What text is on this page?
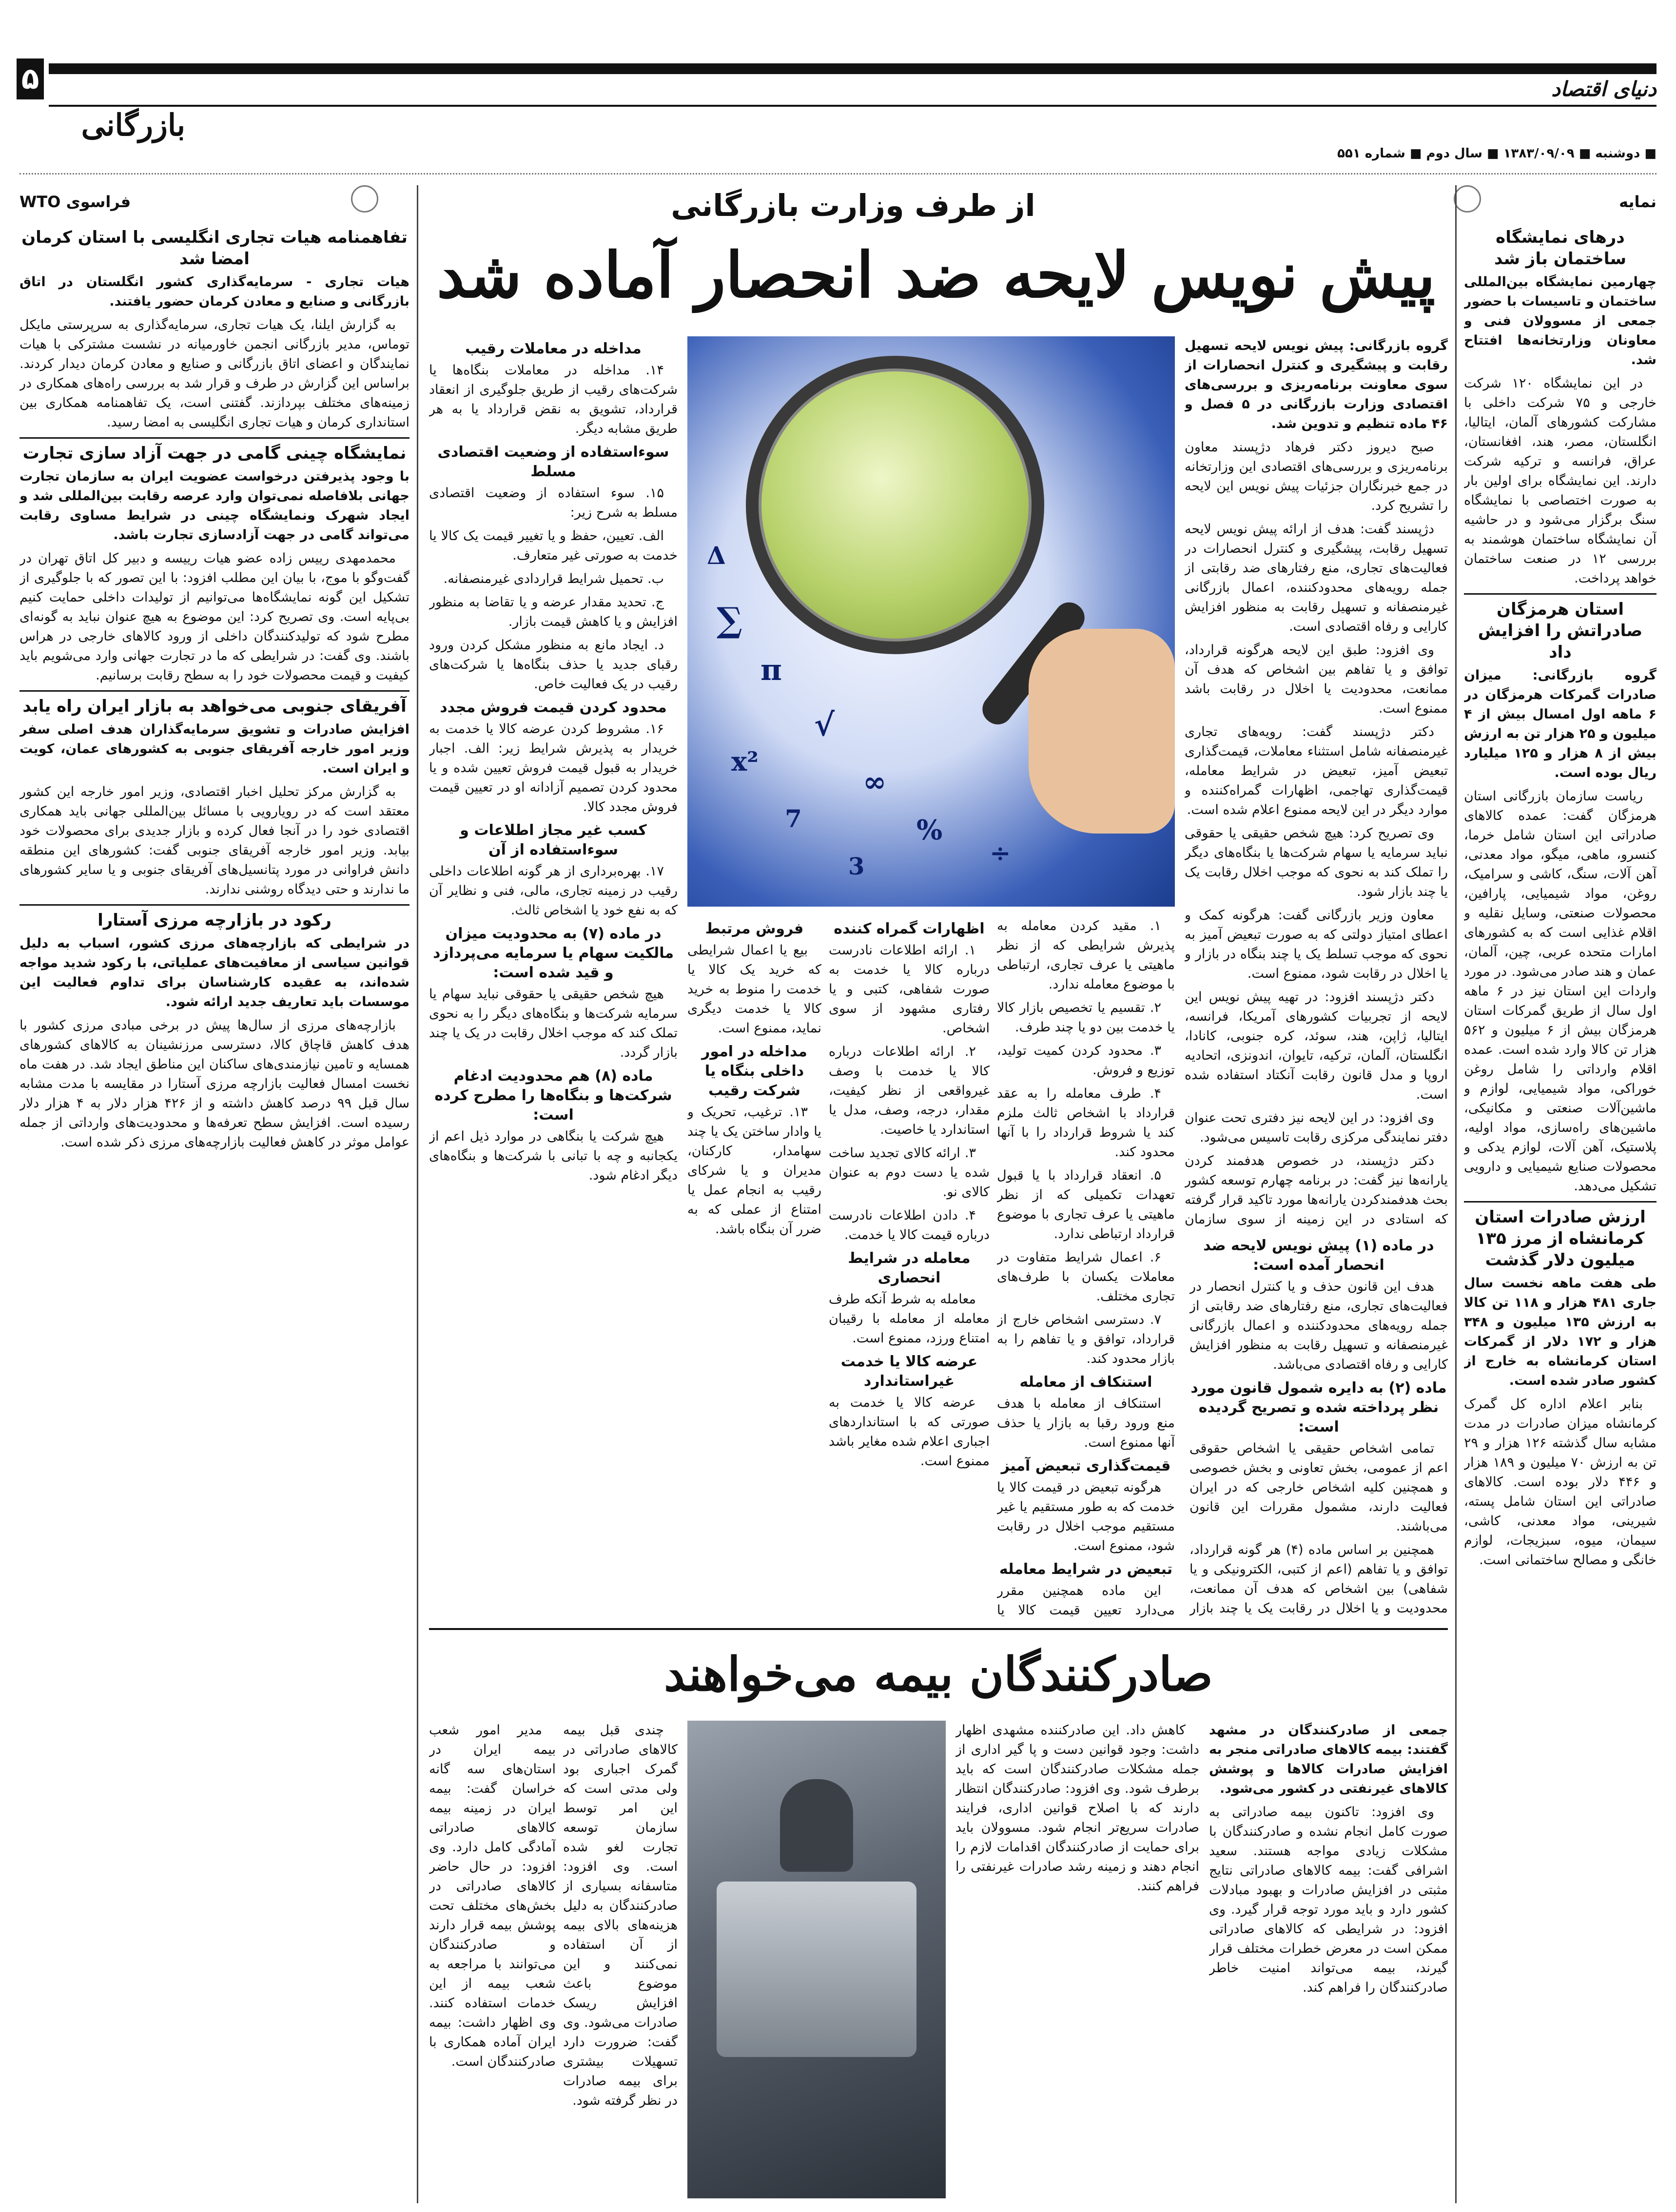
۵
بازرگانی
دنیای اقتصاد
■ دوشنبه ■ ۱۳۸۳/۰۹/۰۹ ■ سال دوم ■ شماره ۵۵۱
نمایه
فراسوی WTO	از طرف وزارت بازرگانی
پیش نویس لایحه ضد انحصار آماده شد
درهای نمایشگاه ساختمان باز شد

چهارمین نمایشگاه بین‌المللی ساختمان و تاسیسات با حضور جمعی از مسوولان فنی و معاونان وزارتخانه‌ها افتتاح شد.

در این نمایشگاه ۱۲۰ شرکت خارجی و ۷۵ شرکت داخلی با مشارکت کشورهای آلمان، ایتالیا، انگلستان، مصر، هند، افغانستان، عراق، فرانسه و ترکیه شرکت دارند. این نمایشگاه برای اولین بار به صورت اختصاصی با نمایشگاه سنگ برگزار می‌شود و در حاشیه آن نمایشگاه ساختمان هوشمند به بررسی ۱۲ در صنعت ساختمان خواهد پرداخت.

استان هرمزگان صادراتش را افزایش داد

گروه بازرگانی: میزان صادرات گمرکات هرمزگان در ۶ ماهه اول امسال بیش از ۴ میلیون و ۲۵ هزار تن به ارزش بیش از ۸ هزار و ۱۲۵ میلیارد ریال بوده است.

ریاست سازمان بازرگانی استان هرمزگان گفت: عمده کالاهای صادراتی این استان شامل خرما، کنسرو، ماهی، میگو، مواد معدنی، آهن آلات، سنگ، کاشی و سرامیک، روغن، مواد شیمیایی، پارافین، محصولات صنعتی، وسایل نقلیه و اقلام غذایی است که به کشورهای امارات متحده عربی، چین، آلمان، عمان و هند صادر می‌شود. در مورد واردات این استان نیز در ۶ ماهه اول سال از طریق گمرکات استان هرمزگان بیش از ۶ میلیون و ۵۶۲ هزار تن کالا وارد شده است. عمده اقلام وارداتی را شامل روغن خوراکی، مواد شیمیایی، لوازم و ماشین‌آلات صنعتی و مکانیکی، ماشین‌های راه‌سازی، مواد اولیه، پلاستیک، آهن آلات، لوازم یدکی و محصولات صنایع شیمیایی و دارویی تشکیل می‌دهد.

ارزش صادرات استان کرمانشاه از مرز ۱۳۵ میلیون دلار گذشت

طی هفت ماهه نخست سال جاری ۴۸۱ هزار و ۱۱۸ تن کالا به ارزش ۱۳۵ میلیون و ۳۴۸ هزار و ۱۷۲ دلار از گمرکات استان کرمانشاه به خارج از کشور صادر شده است.

بنابر اعلام اداره کل گمرک کرمانشاه میزان صادرات در مدت مشابه سال گذشته ۱۲۶ هزار و ۲۹ تن به ارزش ۷۰ میلیون و ۱۸۹ هزار و ۴۴۶ دلار بوده است. کالاهای صادراتی این استان شامل پسته، شیرینی، مواد معدنی، کاشی، سیمان، میوه، سبزیجات، لوازم خانگی و مصالح ساختمانی است.

تفاهمنامه هیات تجاری انگلیسی با استان کرمان امضا شد

هیات تجاری - سرمایه‌گذاری کشور انگلستان در اتاق بازرگانی و صنایع و معادن کرمان حضور یافتند.

به گزارش ایلنا، یک هیات تجاری، سرمایه‌گذاری به سرپرستی مایکل توماس، مدیر بازرگانی انجمن خاورمیانه در نشست مشترکی با هیات نمایندگان و اعضای اتاق بازرگانی و صنایع و معادن کرمان دیدار کردند. براساس این گزارش در طرف و قرار شد به بررسی راه‌های همکاری در زمینه‌های مختلف بپردازند. گفتنی است، یک تفاهمنامه همکاری بین استانداری کرمان و هیات تجاری انگلیسی به امضا رسید.

نمایشگاه چینی گامی در جهت آزاد سازی تجارت

با وجود پذیرفتن درخواست عضویت ایران به سازمان تجارت جهانی بلافاصله نمی‌توان وارد عرصه رقابت بین‌المللی شد و ایجاد شهرک ونمایشگاه چینی در شرایط مساوی رقابت می‌تواند گامی در جهت آزادسازی تجارت باشد.

محمدمهدی رییس زاده عضو هیات رییسه و دبیر کل اتاق تهران در گفت‌وگو با موج، با بیان این مطلب افزود: با این تصور که با جلوگیری از تشکیل این گونه نمایشگاه‌ها می‌توانیم از تولیدات داخلی حمایت کنیم بی‌پایه است. وی تصریح کرد: این موضوع به هیچ عنوان نباید به گونه‌ای مطرح شود که تولیدکنندگان داخلی از ورود کالاهای خارجی در هراس باشند. وی گفت: در شرایطی که ما در تجارت جهانی وارد می‌شویم باید کیفیت و قیمت محصولات خود را به سطح رقابت برسانیم.

آفریقای جنوبی می‌خواهد به بازار ایران راه یابد

افزایش صادرات و تشویق سرمایه‌گذاران هدف اصلی سفر وزیر امور خارجه آفریقای جنوبی به کشورهای عمان، کویت و ایران است.

به گزارش مرکز تحلیل اخبار اقتصادی، وزیر امور خارجه این کشور معتقد است که در رویارویی با مسائل بین‌المللی جهانی باید همکاری اقتصادی خود را در آنجا فعال کرده و بازار جدیدی برای محصولات خود بیابد. وزیر امور خارجه آفریقای جنوبی گفت: کشورهای این منطقه دانش فراوانی در مورد پتانسیل‌های آفریقای جنوبی و یا سایر کشورهای ما ندارند و حتی دیدگاه روشنی ندارند.

رکود در بازارچه مرزی آستارا

در شرایطی که بازارچه‌های مرزی کشور، اسباب به دلیل قوانین سیاسی از معافیت‌های عملیاتی، با رکود شدید مواجه شده‌اند، به عقیده کارشناسان برای تداوم فعالیت این موسسات باید تعاریف جدید ارائه شود.

بازارچه‌های مرزی از سال‌ها پیش در برخی مبادی مرزی کشور با هدف کاهش قاچاق کالا، دسترسی مرزنشینان به کالاهای کشورهای همسایه و تامین نیازمندی‌های ساکنان این مناطق ایجاد شد. در هفت ماه نخست امسال فعالیت بازارچه مرزی آستارا در مقایسه با مدت مشابه سال قبل ۹۹ درصد کاهش داشته و از ۴۲۶ هزار دلار به ۴ هزار دلار رسیده است. افزایش سطح تعرفه‌ها و محدودیت‌های وارداتی از جمله عوامل موثر در کاهش فعالیت بازارچه‌های مرزی ذکر شده است.

∑
π
√
x²
∞
7	%
Δ
÷
3

گروه بازرگانی: پیش نویس لایحه تسهیل رقابت و پیشگیری و کنترل انحصارات از سوی معاونت برنامه‌ریزی و بررسی‌های اقتصادی وزارت بازرگانی در ۵ فصل و ۴۶ ماده تنظیم و تدوین شد.

صبح دیروز دکتر فرهاد دژپسند معاون برنامه‌ریزی و بررسی‌های اقتصادی این وزارتخانه در جمع خبرنگاران جزئیات پیش نویس این لایحه را تشریح کرد.

دژپسند گفت: هدف از ارائه پیش نویس لایحه تسهیل رقابت، پیشگیری و کنترل انحصارات در فعالیت‌های تجاری، منع رفتارهای ضد رقابتی از جمله رویه‌های محدودکننده، اعمال بازرگانی غیرمنصفانه و تسهیل رقابت به منظور افزایش کارایی و رفاه اقتصادی است.

وی افزود: طبق این لایحه هرگونه قرارداد، توافق و یا تفاهم بین اشخاص که هدف آن ممانعت، محدودیت یا اخلال در رقابت باشد ممنوع است.

دکتر دژپسند گفت: رویه‌های تجاری غیرمنصفانه شامل استثناء معاملات، قیمت‌گذاری تبعیض آمیز، تبعیض در شرایط معامله، قیمت‌گذاری تهاجمی، اظهارات گمراه‌کننده و موارد دیگر در این لایحه ممنوع اعلام شده است.

وی تصریح کرد: هیچ شخص حقیقی یا حقوقی نباید سرمایه یا سهام شرکت‌ها یا بنگاه‌های دیگر را تملک کند به نحوی که موجب اخلال رقابت یک یا چند بازار شود.

معاون وزیر بازرگانی گفت: هرگونه کمک و اعطای امتیاز دولتی که به صورت تبعیض آمیز به نحوی که موجب تسلط یک یا چند بنگاه در بازار و یا اخلال در رقابت شود، ممنوع است.

دکتر دژپسند افزود: در تهیه پیش نویس این لایحه از تجربیات کشورهای آمریکا، فرانسه، ایتالیا، ژاپن، هند، سوئد، کره جنوبی، کانادا، انگلستان، آلمان، ترکیه، تایوان، اندونزی، اتحادیه اروپا و مدل قانون رقابت آنکتاد استفاده شده است.

وی افزود: در این لایحه نیز دفتری تحت عنوان دفتر نمایندگی مرکزی رقابت تاسیس می‌شود.

دکتر دژپسند، در خصوص هدفمند کردن یارانه‌ها نیز گفت: در برنامه چهارم توسعه کشور بحث هدفمندکردن یارانه‌ها مورد تاکید قرار گرفته که استادی در این زمینه از سوی سازمان

مداخله در معاملات رقیب

۱۴. مداخله در معاملات بنگاه‌ها یا شرکت‌های رقیب از طریق جلوگیری از انعقاد قرارداد، تشویق به نقض قرارداد یا به هر طریق مشابه دیگر.

سوءاستفاده از وضعیت اقتصادی مسلط

۱۵. سوء استفاده از وضعیت اقتصادی مسلط به شرح زیر:

الف. تعیین، حفظ و یا تغییر قیمت یک کالا یا خدمت به صورتی غیر متعارف.

ب. تحمیل شرایط قراردادی غیرمنصفانه.

ج. تحدید مقدار عرضه و یا تقاضا به منظور افزایش و یا کاهش قیمت بازار.

د. ایجاد مانع به منظور مشکل کردن ورود رقبای جدید یا حذف بنگاه‌ها یا شرکت‌های رقیب در یک فعالیت خاص.

محدود کردن قیمت فروش مجدد

۱۶. مشروط کردن عرضه کالا یا خدمت به خریدار به پذیرش شرایط زیر: الف. اجبار خریدار به قبول قیمت فروش تعیین شده و یا محدود کردن تصمیم آزادانه او در تعیین قیمت فروش مجدد کالا.

کسب غیر مجاز اطلاعات و سوءاستفاده از آن

۱۷. بهره‌برداری از هر گونه اطلاعات داخلی رقیب در زمینه تجاری، مالی، فنی و نظایر آن که به نفع خود یا اشخاص ثالث.

در ماده (۷) به محدودیت میزان مالکیت سهام یا سرمایه می‌پردازد و قید شده است:

هیچ شخص حقیقی یا حقوقی نباید سهام یا سرمایه شرکت‌ها و بنگاه‌های دیگر را به نحوی تملک کند که موجب اخلال رقابت در یک یا چند بازار گردد.

ماده (۸) هم محدودیت ادغام شرکت‌ها و بنگاه‌ها را مطرح کرده است:

هیچ شرکت یا بنگاهی در موارد ذیل اعم از یکجانبه و چه با تبانی با شرکت‌ها و بنگاه‌های دیگر ادغام شود.

در ماده (۱) پیش نویس لایحه ضد انحصار آمده است:

هدف این قانون حذف و یا کنترل انحصار در فعالیت‌های تجاری، منع رفتارهای ضد رقابتی از جمله رویه‌های محدودکننده و اعمال بازرگانی غیرمنصفانه و تسهیل رقابت به منظور افزایش کارایی و رفاه اقتصادی می‌باشد.

ماده (۲) به دایره شمول قانون مورد نظر پرداخته شده و تصریح گردیده است:

تمامی اشخاص حقیقی یا اشخاص حقوقی اعم از عمومی، بخش تعاونی و بخش خصوصی و همچنین کلیه اشخاص خارجی که در ایران فعالیت دارند، مشمول مقررات این قانون می‌باشند.

همچنین بر اساس ماده (۴) هر گونه قرارداد، توافق و یا تفاهم (اعم از کتبی، الکترونیکی و یا شفاهی) بین اشخاص که هدف آن ممانعت، محدودیت و یا اخلال در رقابت یک یا چند بازار

۱. مقید کردن معامله به پذیرش شرایطی که از نظر ماهیتی یا عرف تجاری، ارتباطی با موضوع معامله ندارد.

۲. تقسیم یا تخصیص بازار کالا یا خدمت بین دو یا چند طرف.

۳. محدود کردن کمیت تولید، توزیع و فروش.

۴. طرف معامله را به عقد قرارداد با اشخاص ثالث ملزم کند یا شروط قرارداد را با آنها محدود کند.

۵. انعقاد قرارداد با یا قبول تعهدات تکمیلی که از نظر ماهیتی یا عرف تجاری با موضوع قرارداد ارتباطی ندارد.

۶. اعمال شرایط متفاوت در معاملات یکسان با طرف‌های تجاری مختلف.

۷. دسترسی اشخاص خارج از قرارداد، توافق و یا تفاهم را به بازار محدود کند.

استنکاف از معامله

استنکاف از معامله با هدف منع ورود رقبا به بازار یا حذف آنها ممنوع است.

قیمت‌گذاری تبعیض آمیز

هرگونه تبعیض در قیمت کالا یا خدمت که به طور مستقیم یا غیر مستقیم موجب اخلال در رقابت شود، ممنوع است.

تبعیض در شرایط معامله

این ماده همچنین مقرر می‌دارد تعیین قیمت کالا یا

اظهارات گمراه کننده

۱. ارائه اطلاعات نادرست درباره کالا یا خدمت به صورت شفاهی، کتبی و یا رفتاری مشهود از سوی اشخاص.

۲. ارائه اطلاعات درباره کالا یا خدمت با وصف غیرواقعی از نظر کیفیت، مقدار، درجه، وصف، مدل یا استاندارد یا خاصیت.

۳. ارائه کالای تجدید ساخت شده یا دست دوم به عنوان کالای نو.

۴. دادن اطلاعات نادرست درباره قیمت کالا یا خدمت.

معامله در شرایط انحصاری

معامله به شرط آنکه طرف معامله از معامله با رقیبان امتناع ورزد، ممنوع است.

عرضه کالا یا خدمت غیراستاندارد

عرضه کالا یا خدمت به صورتی که با استانداردهای اجباری اعلام شده مغایر باشد ممنوع است.

فروش مرتبط

بیع یا اعمال شرایطی که خرید یک کالا یا خدمت را منوط به خرید کالا یا خدمت دیگری نماید، ممنوع است.

مداخله در امور داخلی بنگاه یا شرکت رقیب

۱۳. ترغیب، تحریک و یا وادار ساختن یک یا چند سهامدار، کارکنان، مدیران و یا شرکای رقیب به انجام عمل یا امتناع از عملی که به ضرر آن بنگاه باشد.

صادرکنندگان بیمه می‌خواهند

جمعی از صادرکنندگان در مشهد گفتند: بیمه کالاهای صادراتی منجر به افزایش صادرات کالاها و پوشش کالاهای غیرنفتی در کشور می‌شود.

وی افزود: تاکنون بیمه صادراتی به صورت کامل انجام نشده و صادرکنندگان با مشکلات زیادی مواجه هستند. سعید اشرافی گفت: بیمه کالاهای صادراتی نتایج مثبتی در افزایش صادرات و بهبود مبادلات کشور دارد و باید مورد توجه قرار گیرد. وی افزود: در شرایطی که کالاهای صادراتی ممکن است در معرض خطرات مختلف قرار گیرند، بیمه می‌تواند امنیت خاطر صادرکنندگان را فراهم کند.

کاهش داد. این صادرکننده مشهدی اظهار داشت: وجود قوانین دست و پا گیر اداری از جمله مشکلات صادرکنندگان است که باید برطرف شود. وی افزود: صادرکنندگان انتظار دارند که با اصلاح قوانین اداری، فرایند صادرات سریع‌تر انجام شود. مسوولان باید برای حمایت از صادرکنندگان اقدامات لازم را انجام دهند و زمینه رشد صادرات غیرنفتی را فراهم کنند.

چندی قبل بیمه کالاهای صادراتی در گمرک اجباری بود ولی مدتی است که این امر توسط سازمان توسعه تجارت لغو شده است. وی افزود: متاسفانه بسیاری از صادرکنندگان به دلیل هزینه‌های بالای بیمه از آن استفاده نمی‌کنند و این موضوع باعث افزایش ریسک صادرات می‌شود. وی گفت: ضرورت دارد تسهیلات بیشتری برای بیمه صادرات در نظر گرفته شود.

مدیر امور شعب بیمه ایران در استان‌های سه گانه خراسان گفت: بیمه ایران در زمینه بیمه کالاهای صادراتی آمادگی کامل دارد. وی افزود: در حال حاضر کالاهای صادراتی در بخش‌های مختلف تحت پوشش بیمه قرار دارند و صادرکنندگان می‌توانند با مراجعه به شعب بیمه از این خدمات استفاده کنند. وی اظهار داشت: بیمه ایران آماده همکاری با صادرکنندگان است.
